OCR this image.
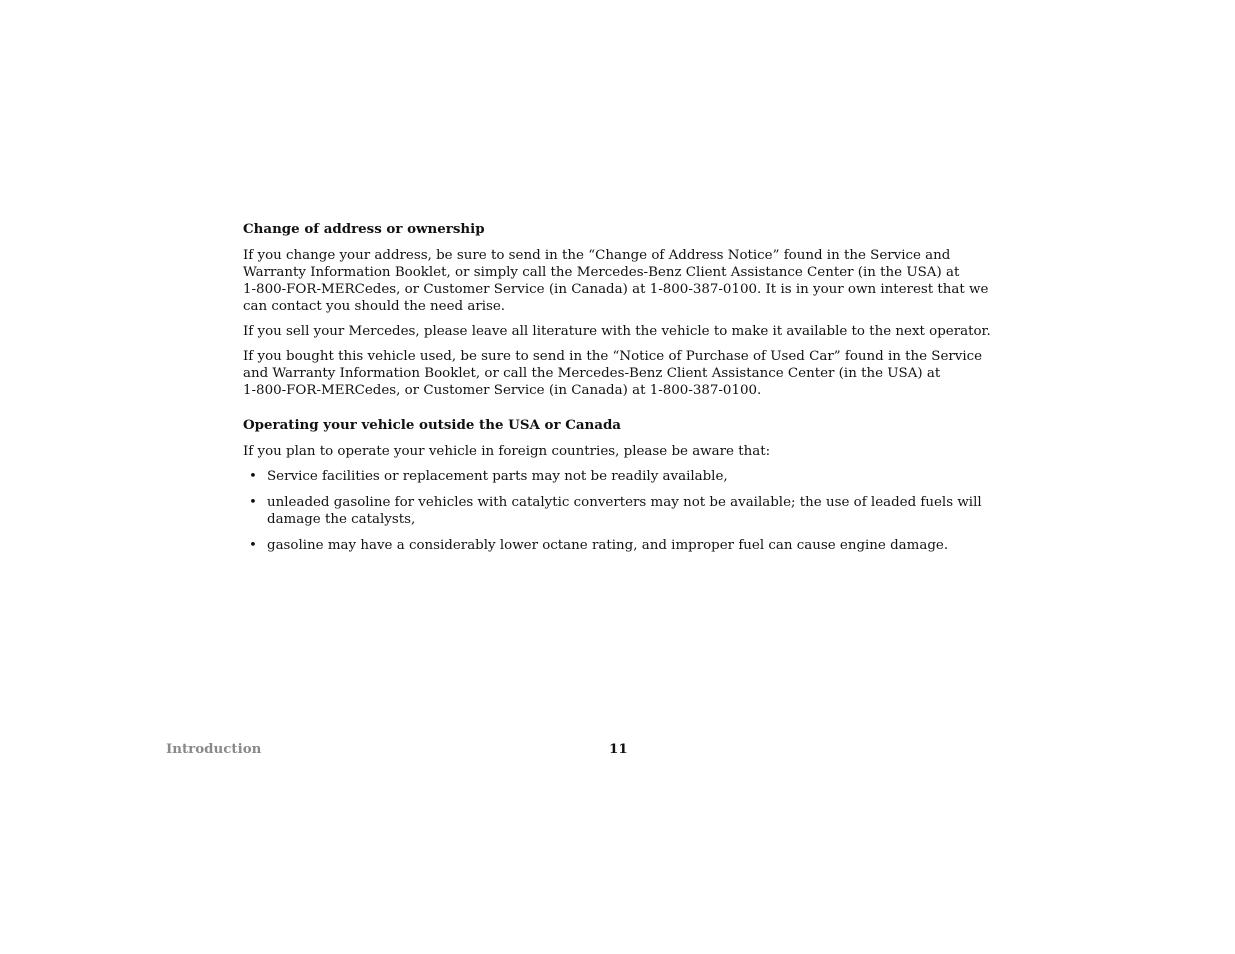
Change of address or ownership
If you change your address, be sure to send in the “Change of Address Notice” found in the Service and Warranty Information Booklet, or simply call the Mercedes-Benz Client Assistance Center (in the USA) at
1-800-FOR-MERCedes, or Customer Service (in Canada) at 1-800-387-0100. It is in your own interest that we can contact you should the need arise.
If you sell your Mercedes, please leave all literature with the vehicle to make it available to the next operator.
If you bought this vehicle used, be sure to send in the “Notice of Purchase of Used Car” found in the Service and Warranty Information Booklet, or call the Mercedes-Benz Client Assistance Center (in the USA) at
1-800-FOR-MERCedes, or Customer Service (in Canada) at 1-800-387-0100.
Operating your vehicle outside the USA or Canada
If you plan to operate your vehicle in foreign countries, please be aware that:
• Service facilities or replacement parts may not be readily available,
• unleaded gasoline for vehicles with catalytic converters may not be available; the use of leaded fuels will damage the catalysts,
• gasoline may have a considerably lower octane rating, and improper fuel can cause engine damage.
Introduction	11
